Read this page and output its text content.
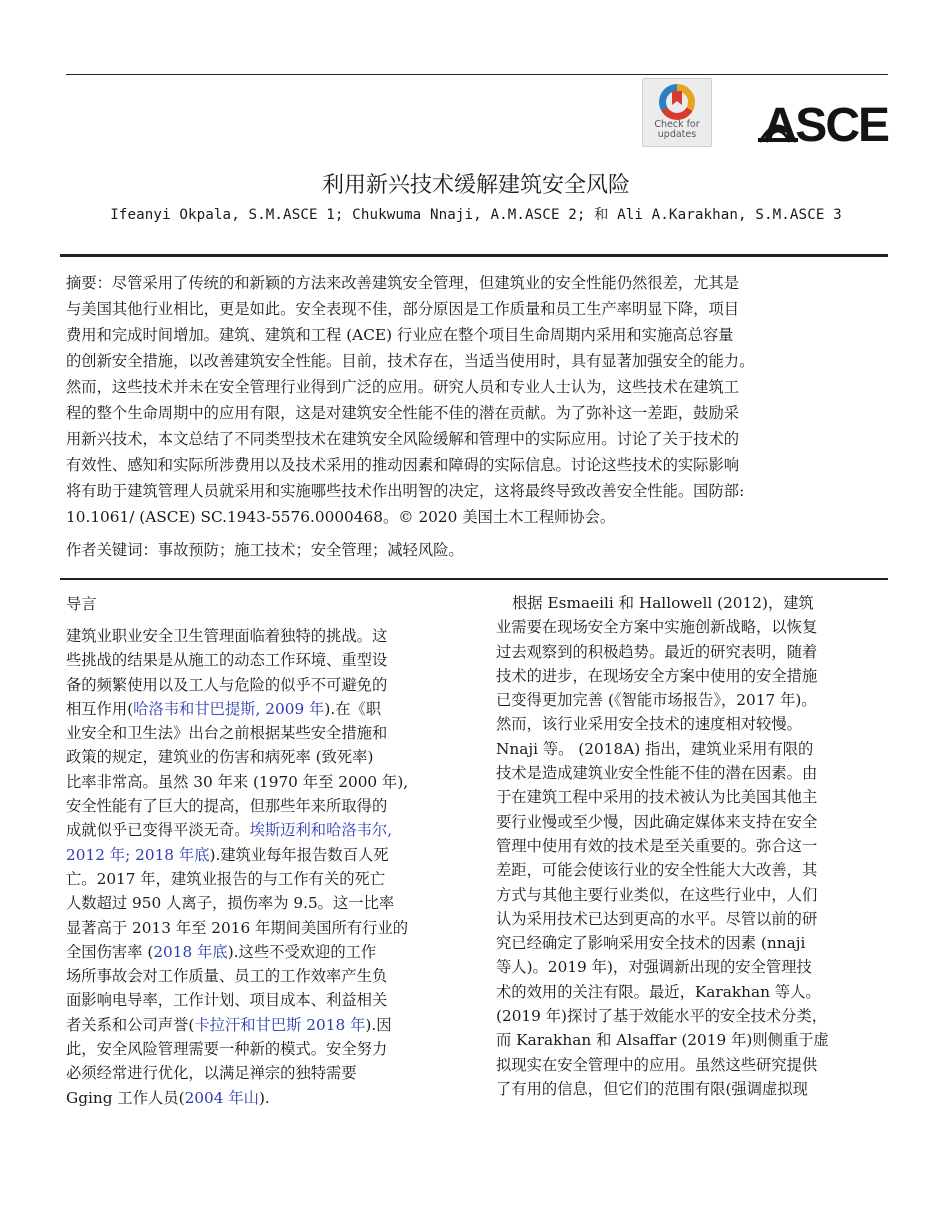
Check for
updates	ASCE
利用新兴技术缓解建筑安全风险
Ifeanyi Okpala, S.M.ASCE 1; Chukwuma Nnaji, A.M.ASCE 2; 和 Ali A.Karakhan, S.M.ASCE 3
摘要：尽管采用了传统的和新颖的方法来改善建筑安全管理，但建筑业的安全性能仍然很差，尤其是
与美国其他行业相比，更是如此。安全表现不佳，部分原因是工作质量和员工生产率明显下降，项目
费用和完成时间增加。建筑、建筑和工程 (ACE) 行业应在整个项目生命周期内采用和实施高总容量
的创新安全措施，以改善建筑安全性能。目前，技术存在，当适当使用时，具有显著加强安全的能力。
然而，这些技术并未在安全管理行业得到广泛的应用。研究人员和专业人士认为，这些技术在建筑工
程的整个生命周期中的应用有限，这是对建筑安全性能不佳的潜在贡献。为了弥补这一差距，鼓励采
用新兴技术，本文总结了不同类型技术在建筑安全风险缓解和管理中的实际应用。讨论了关于技术的
有效性、感知和实际所涉费用以及技术采用的推动因素和障碍的实际信息。讨论这些技术的实际影响
将有助于建筑管理人员就采用和实施哪些技术作出明智的决定，这将最终导致改善安全性能。国防部:
10.1061/ (ASCE) SC.1943-5576.0000468。© 2020 美国土木工程师协会。
作者关键词：事故预防；施工技术；安全管理；减轻风险。
导言
建筑业职业安全卫生管理面临着独特的挑战。这
些挑战的结果是从施工的动态工作环境、重型设
备的频繁使用以及工人与危险的似乎不可避免的
相互作用(哈洛韦和甘巴提斯, 2009 年).在《职
业安全和卫生法》出台之前根据某些安全措施和
政策的规定，建筑业的伤害和病死率 (致死率)
比率非常高。虽然 30 年来 (1970 年至 2000 年),
安全性能有了巨大的提高，但那些年来所取得的
成就似乎已变得平淡无奇。埃斯迈利和哈洛韦尔,
2012 年; 2018 年底).建筑业每年报告数百人死
亡。2017 年，建筑业报告的与工作有关的死亡
人数超过 950 人离子，损伤率为 9.5。这一比率
显著高于 2013 年至 2016 年期间美国所有行业的
全国伤害率 (2018 年底).这些不受欢迎的工作
场所事故会对工作质量、员工的工作效率产生负
面影响电导率，工作计划、项目成本、利益相关
者关系和公司声誉(卡拉汗和甘巴斯 2018 年).因
此，安全风险管理需要一种新的模式。安全努力
必须经常进行优化，以满足禅宗的独特需要
Gging 工作人员(2004 年山).
根据 Esmaeili 和 Hallowell (2012)，建筑
业需要在现场安全方案中实施创新战略，以恢复
过去观察到的积极趋势。最近的研究表明，随着
技术的进步，在现场安全方案中使用的安全措施
已变得更加完善 (《智能市场报告》，2017 年)。
然而，该行业采用安全技术的速度相对较慢。
Nnaji 等。 (2018A) 指出，建筑业采用有限的
技术是造成建筑业安全性能不佳的潜在因素。由
于在建筑工程中采用的技术被认为比美国其他主
要行业慢或至少慢，因此确定媒体来支持在安全
管理中使用有效的技术是至关重要的。弥合这一
差距，可能会使该行业的安全性能大大改善，其
方式与其他主要行业类似，在这些行业中，人们
认为采用技术已达到更高的水平。尽管以前的研
究已经确定了影响采用安全技术的因素 (nnaji
等人)。2019 年)，对强调新出现的安全管理技
术的效用的关注有限。最近，Karakhan 等人。
(2019 年)探讨了基于效能水平的安全技术分类，
而 Karakhan 和 Alsaffar (2019 年)则侧重于虚
拟现实在安全管理中的应用。虽然这些研究提供
了有用的信息，但它们的范围有限(强调虚拟现
